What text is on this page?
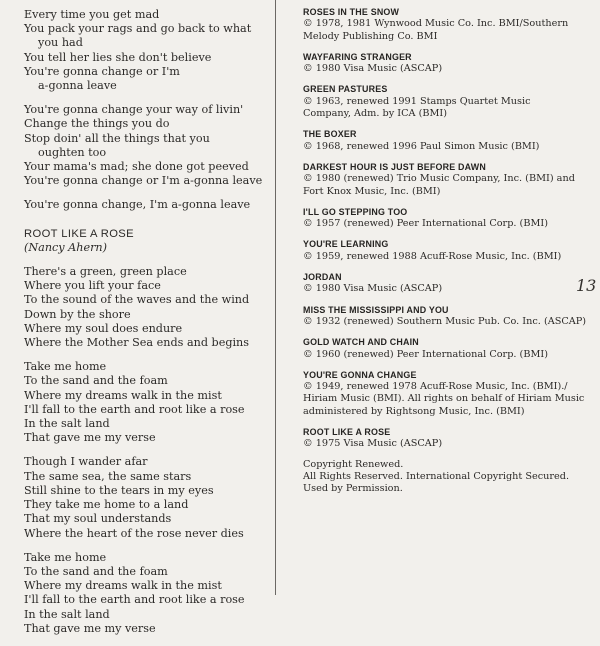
Every time you get mad
You pack your rags and go back to what
you had
You tell her lies she don't believe
You're gonna change or I'm
a-gonna leave
You're gonna change your way of livin'
Change the things you do
Stop doin' all the things that you
oughten too
Your mama's mad; she done got peeved
You're gonna change or I'm a-gonna leave
You're gonna change, I'm a-gonna leave
ROOT LIKE A ROSE
(Nancy Ahern)
There's a green, green place
Where you lift your face
To the sound of the waves and the wind
Down by the shore
Where my soul does endure
Where the Mother Sea ends and begins
Take me home
To the sand and the foam
Where my dreams walk in the mist
I'll fall to the earth and root like a rose
In the salt land
That gave me my verse
Though I wander afar
The same sea, the same stars
Still shine to the tears in my eyes
They take me home to a land
That my soul understands
Where the heart of the rose never dies
Take me home
To the sand and the foam
Where my dreams walk in the mist
I'll fall to the earth and root like a rose
In the salt land
That gave me my verse
ROSES IN THE SNOW
© 1978, 1981 Wynwood Music Co. Inc. BMI/Southern
Melody Publishing Co. BMI
WAYFARING STRANGER
© 1980 Visa Music (ASCAP)
GREEN PASTURES
© 1963, renewed 1991 Stamps Quartet Music
Company, Adm. by ICA (BMI)
THE BOXER
© 1968, renewed 1996 Paul Simon Music (BMI)
DARKEST HOUR IS JUST BEFORE DAWN
© 1980 (renewed) Trio Music Company, Inc. (BMI) and
Fort Knox Music, Inc. (BMI)
I'LL GO STEPPING TOO
© 1957 (renewed) Peer International Corp. (BMI)
YOU'RE LEARNING
© 1959, renewed 1988 Acuff-Rose Music, Inc. (BMI)
JORDAN
© 1980 Visa Music (ASCAP)
MISS THE MISSISSIPPI AND YOU
© 1932 (renewed) Southern Music Pub. Co. Inc. (ASCAP)
GOLD WATCH AND CHAIN
© 1960 (renewed) Peer International Corp. (BMI)
YOU'RE GONNA CHANGE
© 1949, renewed 1978 Acuff-Rose Music, Inc. (BMI)./
Hiriam Music (BMI). All rights on behalf of Hiriam Music
administered by Rightsong Music, Inc. (BMI)
ROOT LIKE A ROSE
© 1975 Visa Music (ASCAP)
Copyright Renewed.
All Rights Reserved. International Copyright Secured.
Used by Permission.
13
